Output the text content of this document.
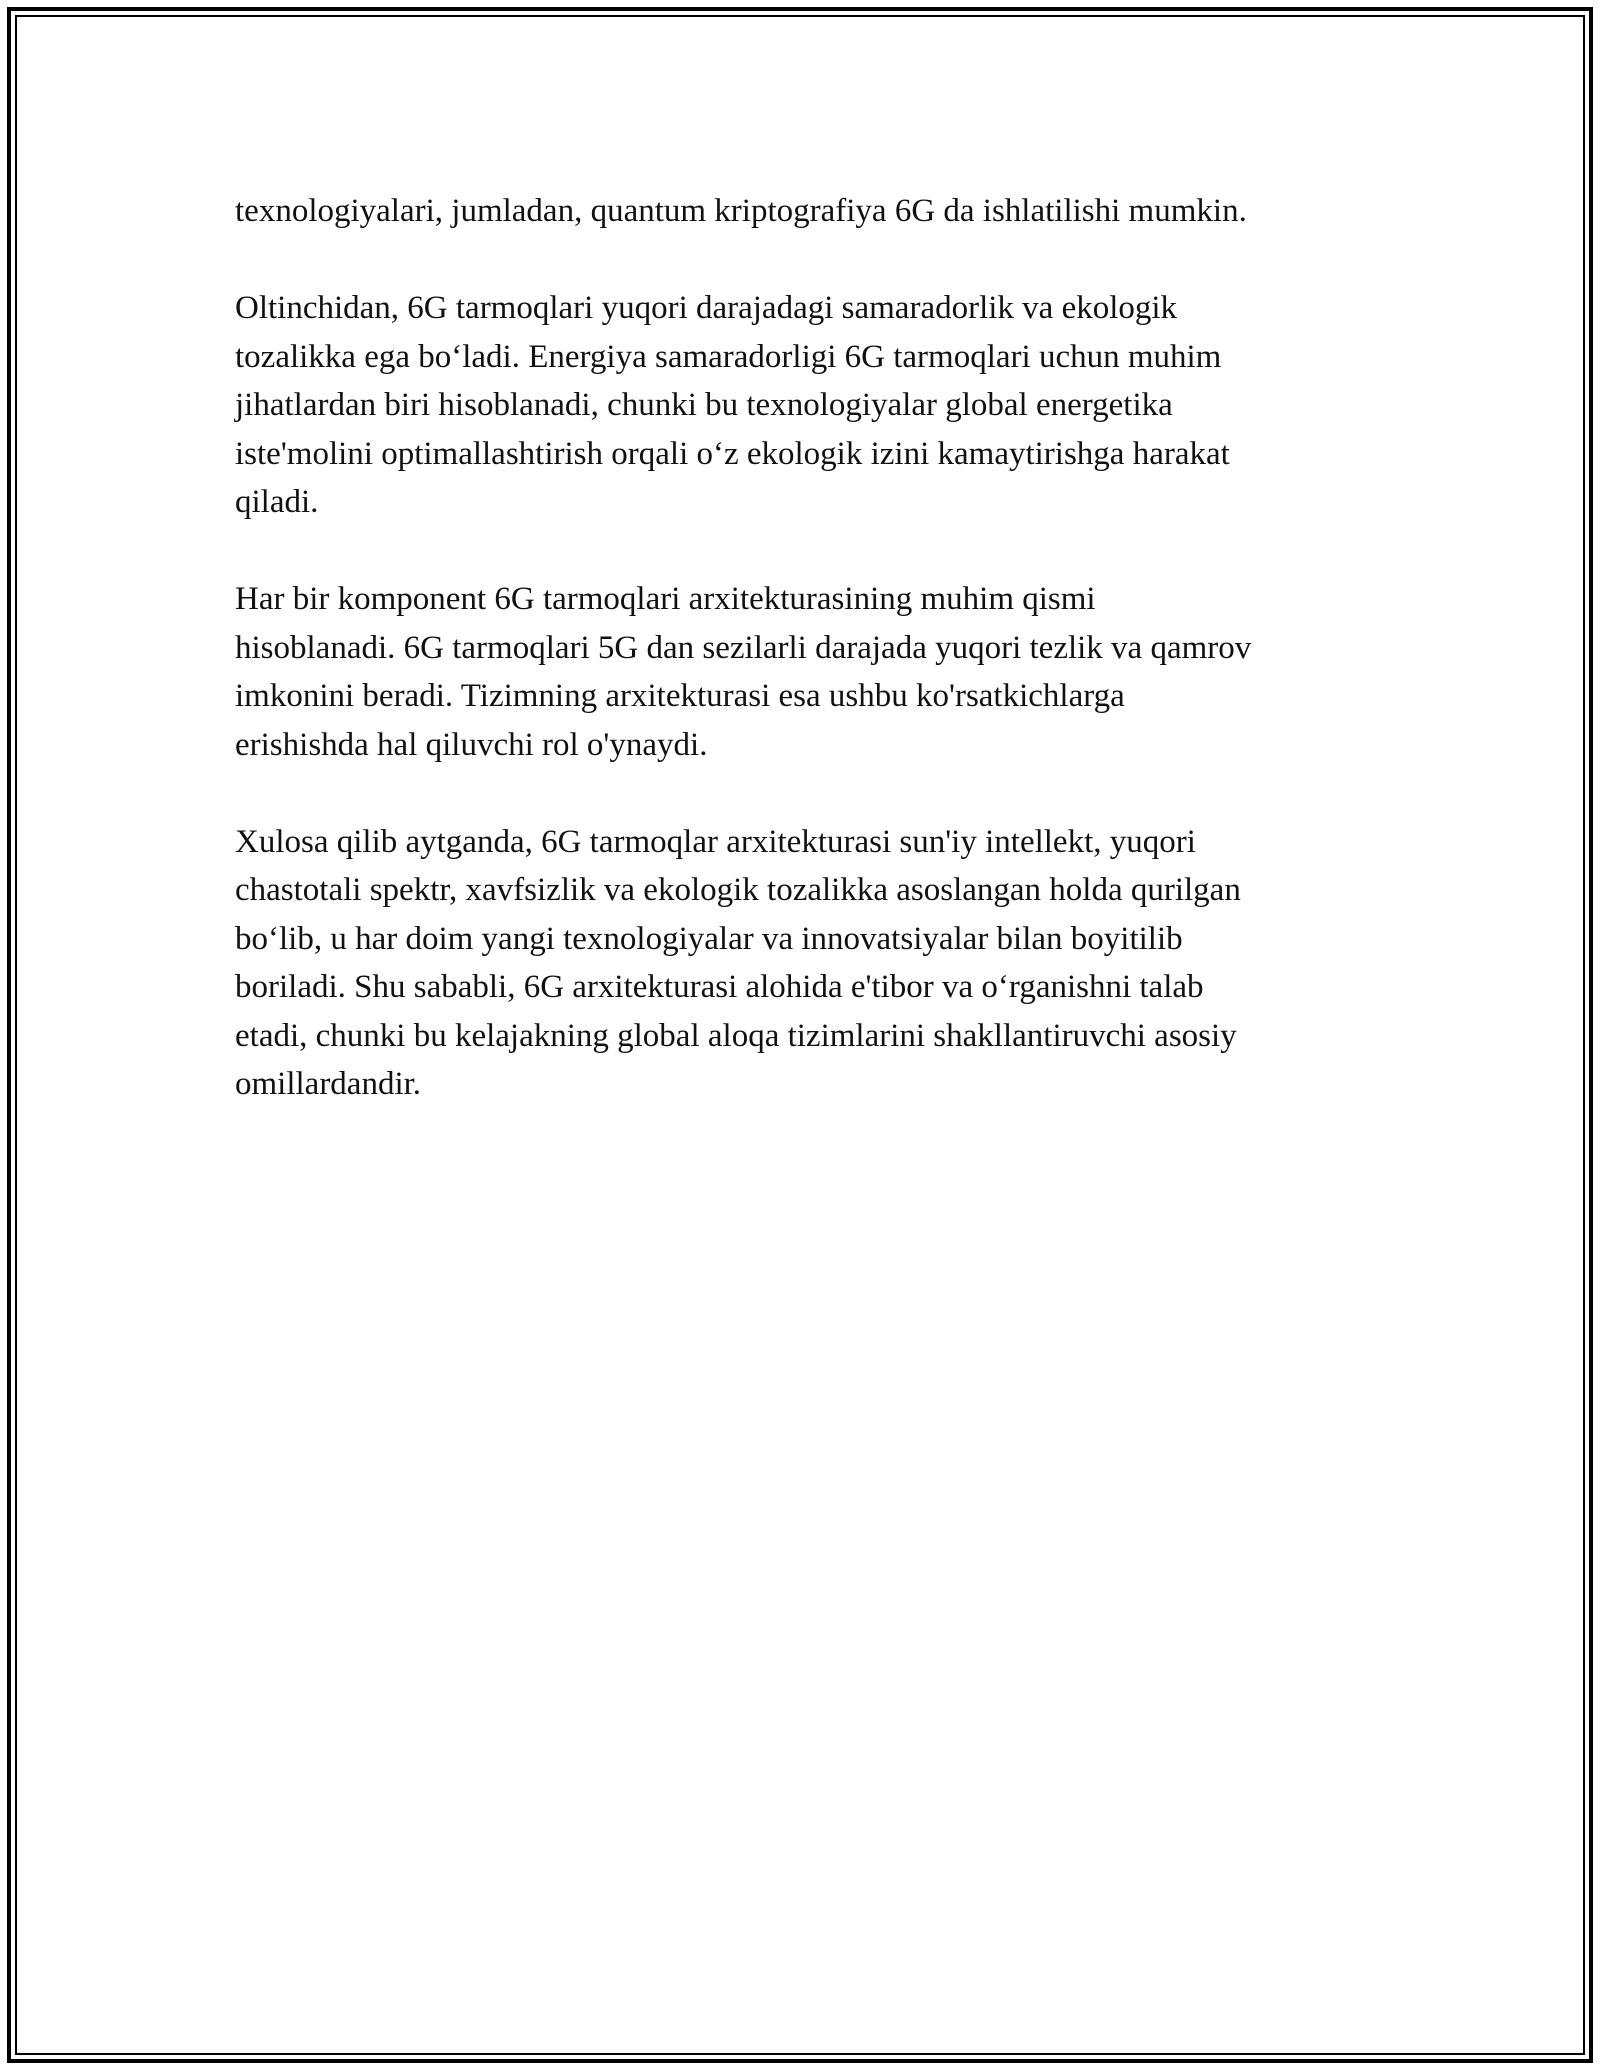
texnologiyalari, jumladan, quantum kriptografiya 6G da ishlatilishi mumkin.

Oltinchidan, 6G tarmoqlari yuqori darajadagi samaradorlik va ekologik
tozalikka ega bo‘ladi. Energiya samaradorligi 6G tarmoqlari uchun muhim
jihatlardan biri hisoblanadi, chunki bu texnologiyalar global energetika
iste'molini optimallashtirish orqali o‘z ekologik izini kamaytirishga harakat
qiladi.

Har bir komponent 6G tarmoqlari arxitekturasining muhim qismi
hisoblanadi. 6G tarmoqlari 5G dan sezilarli darajada yuqori tezlik va qamrov
imkonini beradi. Tizimning arxitekturasi esa ushbu ko'rsatkichlarga
erishishda hal qiluvchi rol o'ynaydi.

Xulosa qilib aytganda, 6G tarmoqlar arxitekturasi sun'iy intellekt, yuqori
chastotali spektr, xavfsizlik va ekologik tozalikka asoslangan holda qurilgan
bo‘lib, u har doim yangi texnologiyalar va innovatsiyalar bilan boyitilib
boriladi. Shu sababli, 6G arxitekturasi alohida e'tibor va o‘rganishni talab
etadi, chunki bu kelajakning global aloqa tizimlarini shakllantiruvchi asosiy
omillardandir.
